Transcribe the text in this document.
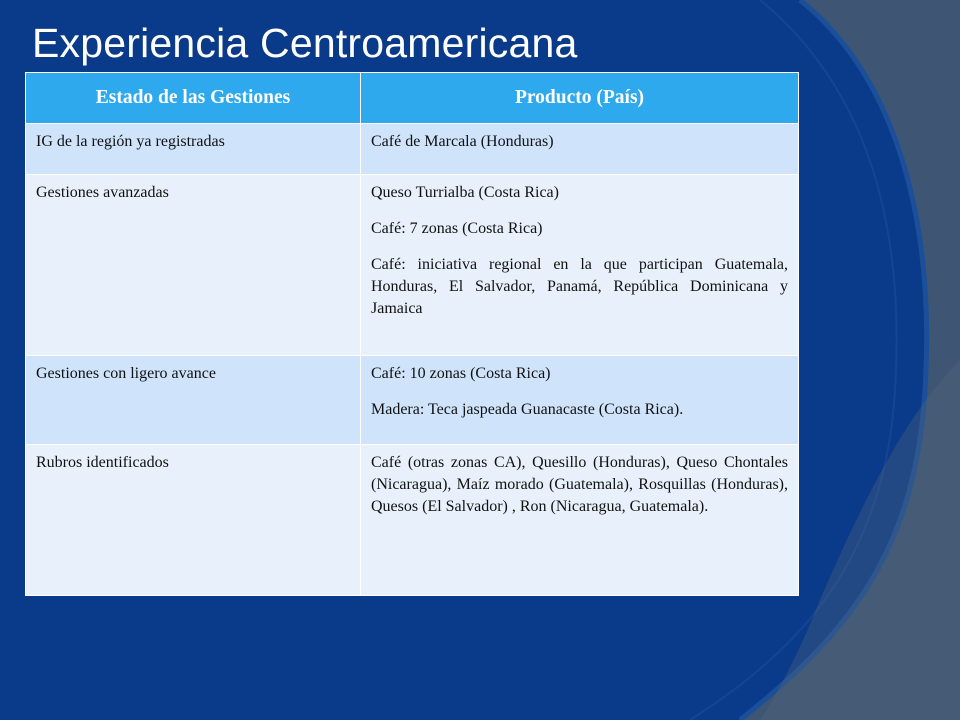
Experiencia Centroamericana
Estado de las Gestiones	Producto (País)
IG de la región ya registradas	Café de Marcala (Honduras)

Gestiones avanzadas	Queso Turrialba (Costa Rica)
Café: 7 zonas (Costa Rica)
Café: iniciativa regional en la que participan Guatemala, Honduras, El Salvador, Panamá, República Dominicana y Jamaica

Gestiones con ligero avance	Café: 10 zonas (Costa Rica)
Madera: Teca jaspeada Guanacaste (Costa Rica).

Rubros identificados	Café (otras zonas CA), Quesillo (Honduras), Queso Chontales (Nicaragua), Maíz morado (Guatemala), Rosquillas (Honduras), Quesos (El Salvador) , Ron (Nicaragua, Guatemala).
